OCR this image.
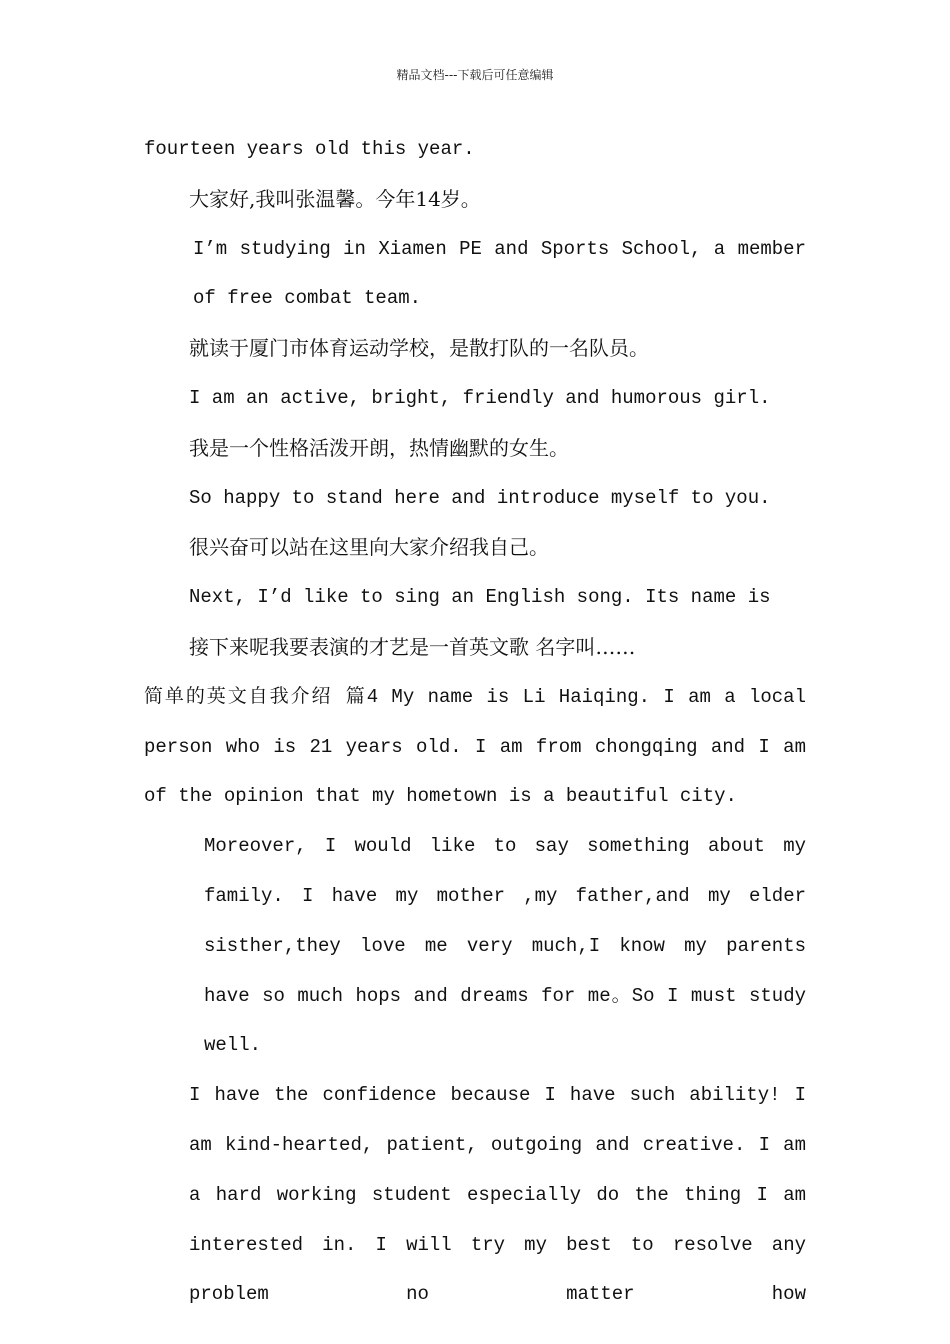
精品文档---下载后可任意编辑

fourteen years old this year.

大家好,我叫张温馨。今年14岁。

I’m studying in Xiamen PE and Sports School, a member of free combat team.

就读于厦门市体育运动学校，是散打队的一名队员。

I am an active, bright, friendly and humorous girl.

我是一个性格活泼开朗，热情幽默的女生。

So happy to stand here and introduce myself to you.

很兴奋可以站在这里向大家介绍我自己。

Next, I’d like to sing an English song. Its name is

接下来呢我要表演的才艺是一首英文歌 名字叫……

简单的英文自我介绍 篇4 My name is Li Haiqing. I am a local person who is 21 years old. I am from chongqing and I am of the opinion that my hometown is a beautiful city.

Moreover, I would like to say something about my family. I have my mother ,my father,and my elder sisther,they love me very much,I know my parents have so much hops and dreams for me。So I must study well.

I have the confidence because I have such ability! I am kind-hearted, patient, outgoing and creative. I am a hard working student especially do the thing I am interested in. I will try my best to resolve any problem no matter how
